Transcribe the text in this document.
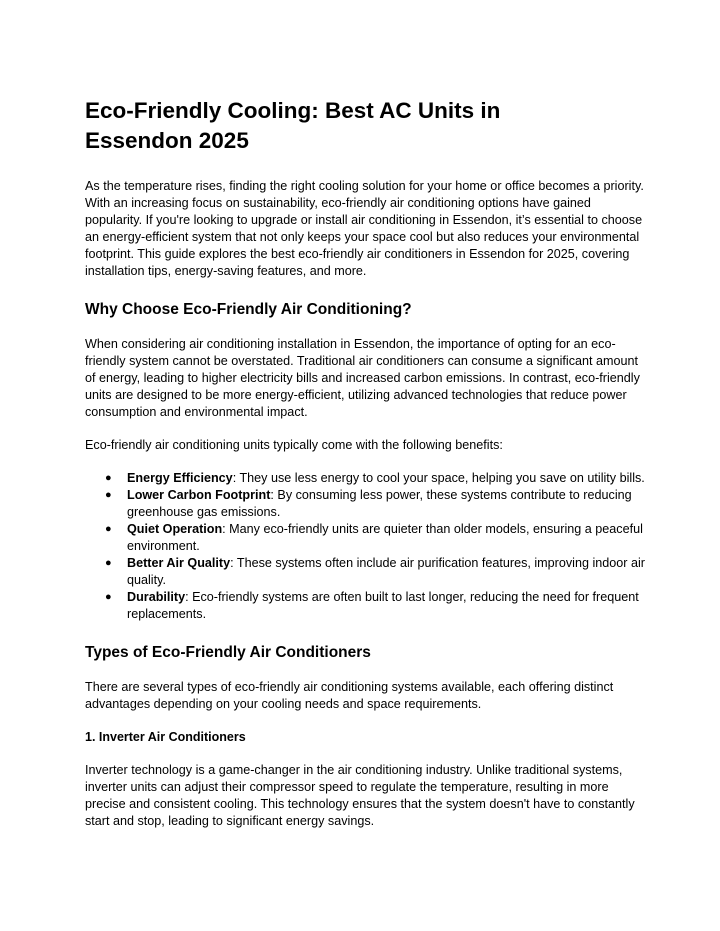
Eco-Friendly Cooling: Best AC Units in Essendon 2025

As the temperature rises, finding the right cooling solution for your home or office becomes a priority. With an increasing focus on sustainability, eco-friendly air conditioning options have gained popularity. If you're looking to upgrade or install air conditioning in Essendon, it’s essential to choose an energy-efficient system that not only keeps your space cool but also reduces your environmental footprint. This guide explores the best eco-friendly air conditioners in Essendon for 2025, covering installation tips, energy-saving features, and more.

Why Choose Eco-Friendly Air Conditioning?

When considering air conditioning installation in Essendon, the importance of opting for an eco-friendly system cannot be overstated. Traditional air conditioners can consume a significant amount of energy, leading to higher electricity bills and increased carbon emissions. In contrast, eco-friendly units are designed to be more energy-efficient, utilizing advanced technologies that reduce power consumption and environmental impact.

Eco-friendly air conditioning units typically come with the following benefits:

● Energy Efficiency: They use less energy to cool your space, helping you save on utility bills.
● Lower Carbon Footprint: By consuming less power, these systems contribute to reducing greenhouse gas emissions.
● Quiet Operation: Many eco-friendly units are quieter than older models, ensuring a peaceful environment.
● Better Air Quality: These systems often include air purification features, improving indoor air quality.
● Durability: Eco-friendly systems are often built to last longer, reducing the need for frequent replacements.
Types of Eco-Friendly Air Conditioners

There are several types of eco-friendly air conditioning systems available, each offering distinct advantages depending on your cooling needs and space requirements.

1. Inverter Air Conditioners

Inverter technology is a game-changer in the air conditioning industry. Unlike traditional systems, inverter units can adjust their compressor speed to regulate the temperature, resulting in more precise and consistent cooling. This technology ensures that the system doesn't have to constantly start and stop, leading to significant energy savings.
